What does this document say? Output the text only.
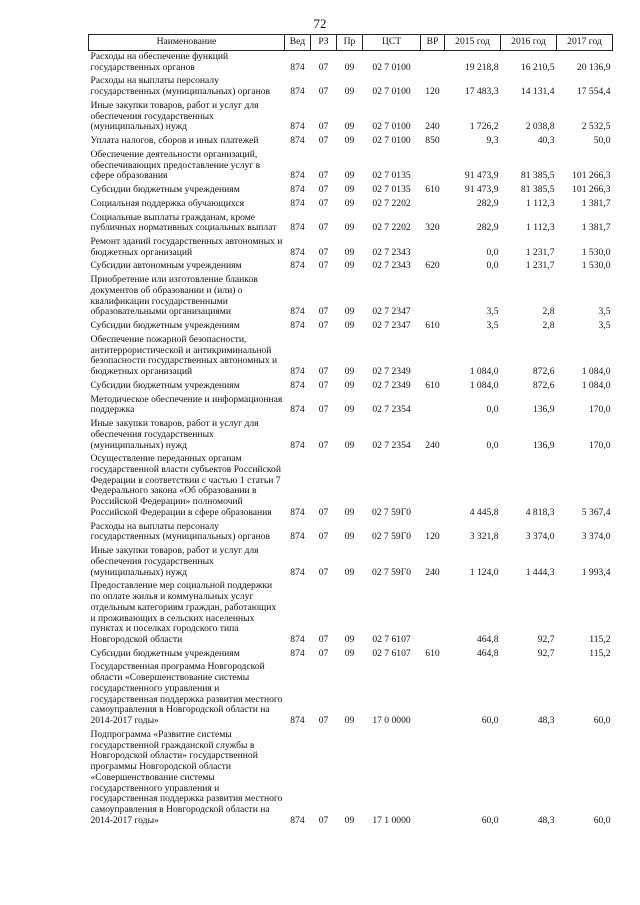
72
Наименование	Вед	РЗ	Пр	ЦСТ	ВР	2015 год	2016 год	2017 год
Расходы на обеспечение функций государственных органов	874	07	09	02 7 0100		19 218,8	16 210,5	20 136,9
Расходы на выплаты персоналу государственных (муниципальных) органов	874	07	09	02 7 0100	120	17 483,3	14 131,4	17 554,4
Иные закупки товаров, работ и услуг для обеспечения государственных (муниципальных) нужд	874	07	09	02 7 0100	240	1 726,2	2 038,8	2 532,5
Уплата налогов, сборов и иных платежей	874	07	09	02 7 0100	850	9,3	40,3	50,0
Обеспечение деятельности организаций, обеспечивающих предоставление услуг в сфере образования	874	07	09	02 7 0135		91 473,9	81 385,5	101 266,3
Субсидии бюджетным учреждениям	874	07	09	02 7 0135	610	91 473,9	81 385,5	101 266,3
Социальная поддержка обучающихся	874	07	09	02 7 2202		282,9	1 112,3	1 381,7
Социальные выплаты гражданам, кроме публичных нормативных социальных выплат	874	07	09	02 7 2202	320	282,9	1 112,3	1 381,7
Ремонт зданий государственных автономных и бюджетных организаций	874	07	09	02 7 2343		0,0	1 231,7	1 530,0
Субсидии автономным учреждениям	874	07	09	02 7 2343	620	0,0	1 231,7	1 530,0
Приобретение или изготовление бланков документов об образовании и (или) о квалификации государственными образовательными организациями	874	07	09	02 7 2347		3,5	2,8	3,5
Субсидии бюджетным учреждениям	874	07	09	02 7 2347	610	3,5	2,8	3,5
Обеспечение пожарной безопасности, антитеррористической и антикриминальной безопасности государственных автономных и бюджетных организаций	874	07	09	02 7 2349		1 084,0	872,6	1 084,0
Субсидии бюджетным учреждениям	874	07	09	02 7 2349	610	1 084,0	872,6	1 084,0
Методическое обеспечение и информационная поддержка	874	07	09	02 7 2354		0,0	136,9	170,0
Иные закупки товаров, работ и услуг для обеспечения государственных (муниципальных) нужд	874	07	09	02 7 2354	240	0,0	136,9	170,0
Осуществление переданных органам государственной власти субъектов Российской Федерации в соответствии с частью 1 статьи 7 Федерального закона «Об образовании в Российской Федерации» полномочий Российской Федерации в сфере образования	874	07	09	02 7 59Г0		4 445,8	4 818,3	5 367,4
Расходы на выплаты персоналу государственных (муниципальных) органов	874	07	09	02 7 59Г0	120	3 321,8	3 374,0	3 374,0
Иные закупки товаров, работ и услуг для обеспечения государственных (муниципальных) нужд	874	07	09	02 7 59Г0	240	1 124,0	1 444,3	1 993,4
Предоставление мер социальной поддержки по оплате жилья и коммунальных услуг отдельным категориям граждан, работающих и проживающих в сельских населенных пунктах и поселках городского типа Новгородской области	874	07	09	02 7 6107		464,8	92,7	115,2
Субсидии бюджетным учреждениям	874	07	09	02 7 6107	610	464,8	92,7	115,2
Государственная программа Новгородской области «Совершенствование системы государственного управления и государственная поддержка развития местного самоуправления в Новгородской области на 2014-2017 годы»	874	07	09	17 0 0000		60,0	48,3	60,0
Подпрограмма «Развитие системы государственной гражданской службы в Новгородской области» государственной программы Новгородской области «Совершенствование системы государственного управления и государственная поддержка развития местного самоуправления в Новгородской области на 2014-2017 годы»	874	07	09	17 1 0000		60,0	48,3	60,0
